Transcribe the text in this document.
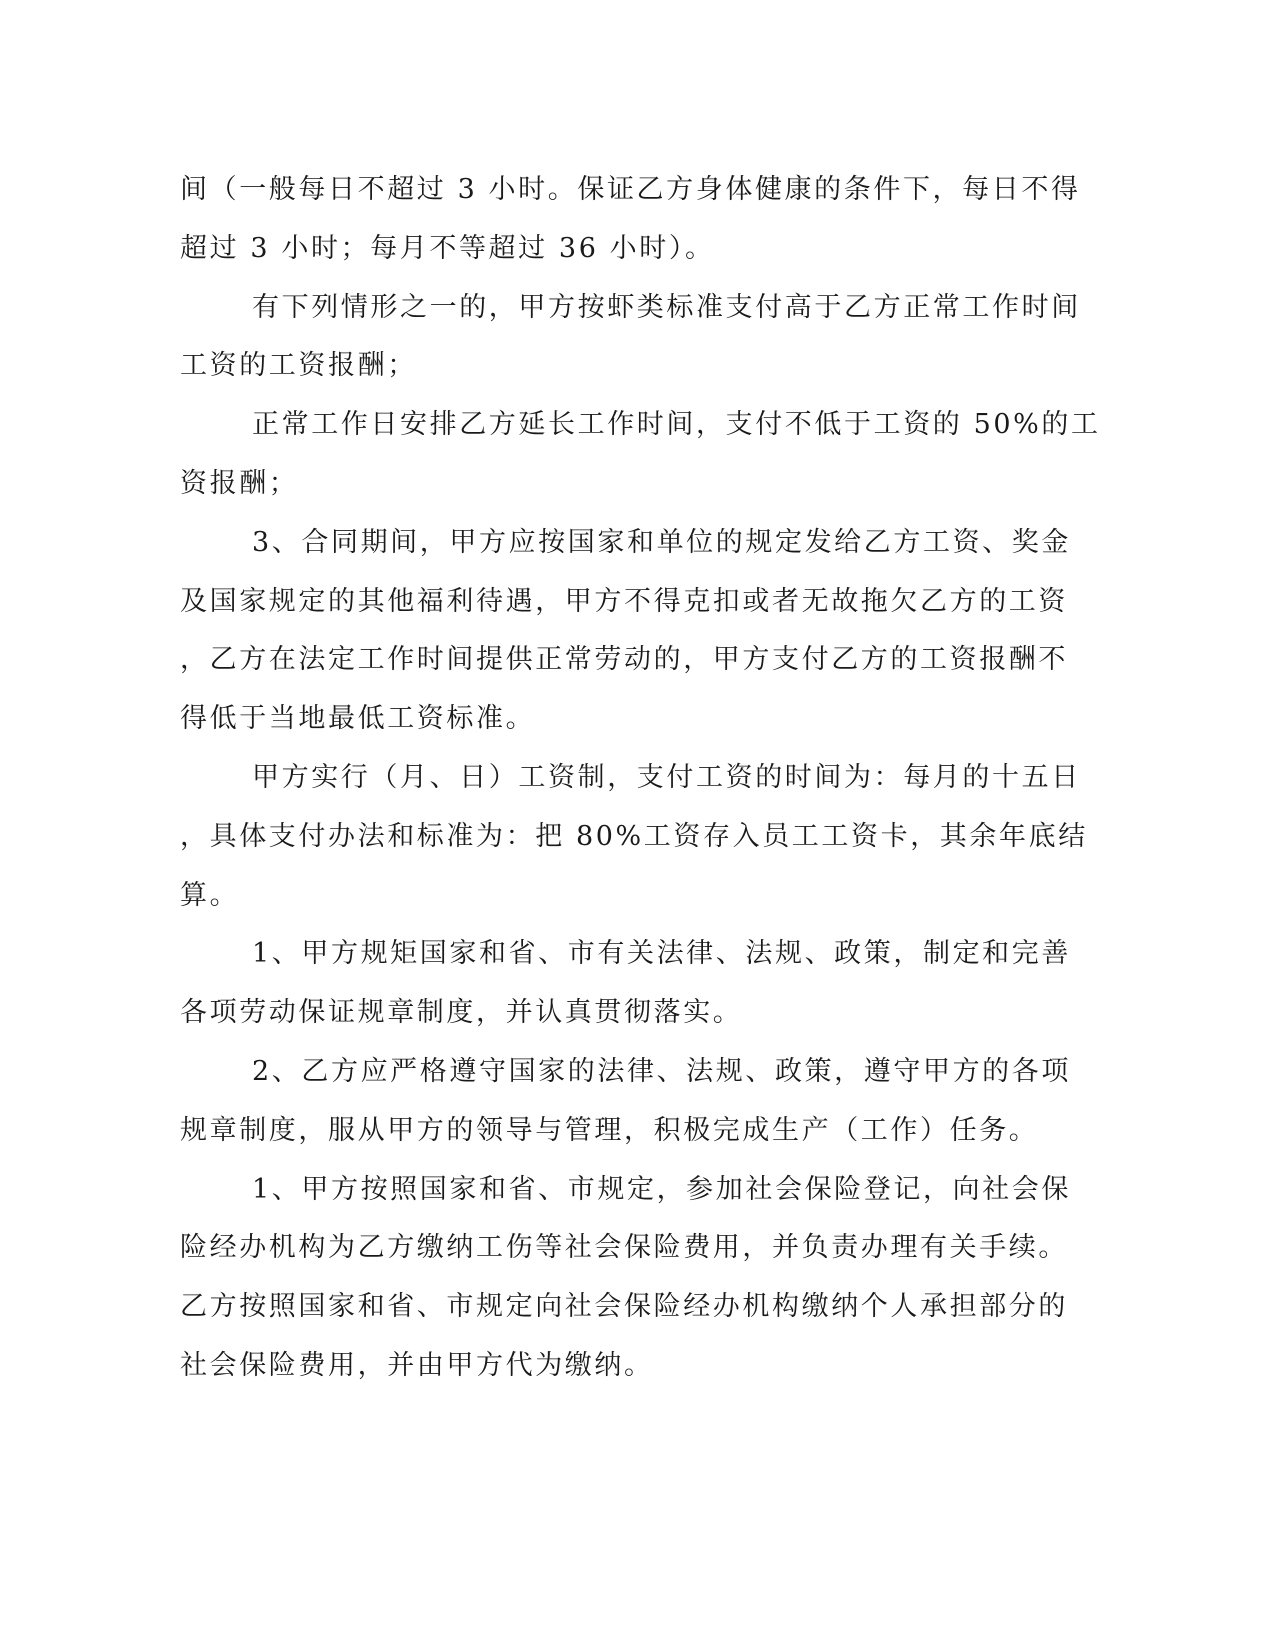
间（一般每日不超过 3 小时。保证乙方身体健康的条件下，每日不得
超过 3 小时；每月不等超过 36 小时）。
有下列情形之一的，甲方按虾类标准支付高于乙方正常工作时间
工资的工资报酬；
正常工作日安排乙方延长工作时间，支付不低于工资的 50%的工
资报酬；
3、合同期间，甲方应按国家和单位的规定发给乙方工资、奖金
及国家规定的其他福利待遇，甲方不得克扣或者无故拖欠乙方的工资
，乙方在法定工作时间提供正常劳动的，甲方支付乙方的工资报酬不
得低于当地最低工资标准。
甲方实行（月、日）工资制，支付工资的时间为：每月的十五日
，具体支付办法和标准为：把 80%工资存入员工工资卡，其余年底结
算。
1、甲方规矩国家和省、市有关法律、法规、政策，制定和完善
各项劳动保证规章制度，并认真贯彻落实。
2、乙方应严格遵守国家的法律、法规、政策，遵守甲方的各项
规章制度，服从甲方的领导与管理，积极完成生产（工作）任务。
1、甲方按照国家和省、市规定，参加社会保险登记，向社会保
险经办机构为乙方缴纳工伤等社会保险费用，并负责办理有关手续。
乙方按照国家和省、市规定向社会保险经办机构缴纳个人承担部分的
社会保险费用，并由甲方代为缴纳。
